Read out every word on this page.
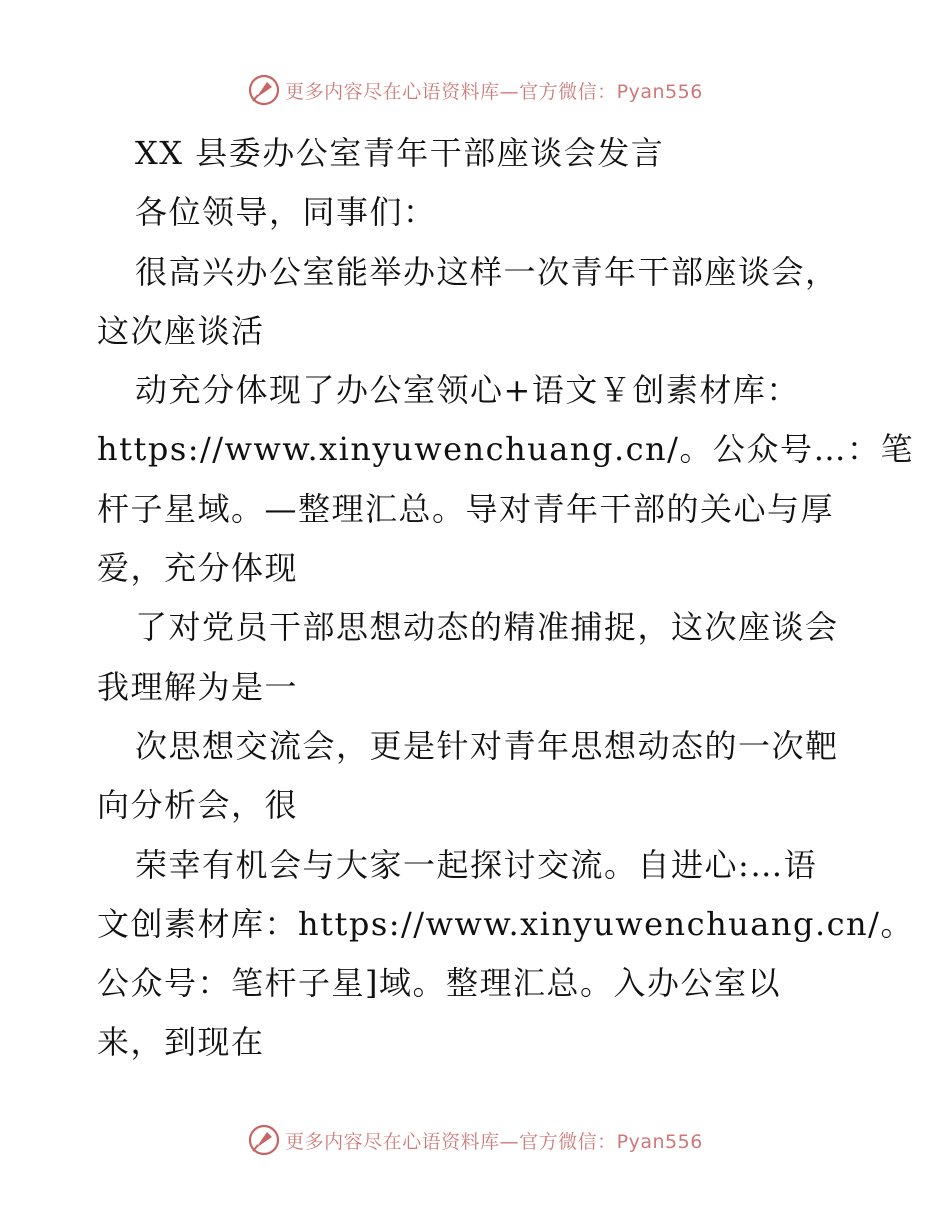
更多内容尽在心语资料库—官方微信：Pyan556
XX 县委办公室青年干部座谈会发言
各位领导，同事们：
很高兴办公室能举办这样一次青年干部座谈会，
这次座谈活
动充分体现了办公室领心+语文￥创素材库：
https://www.xinyuwenchuang.cn/。公众号…：笔
杆子星域。—整理汇总。导对青年干部的关心与厚
爱，充分体现
了对党员干部思想动态的精准捕捉，这次座谈会
我理解为是一
次思想交流会，更是针对青年思想动态的一次靶
向分析会，很
荣幸有机会与大家一起探讨交流。自进心:…语
文创素材库：https://www.xinyuwenchuang.cn/。
公众号：笔杆子星]域。整理汇总。入办公室以
来，到现在
更多内容尽在心语资料库—官方微信：Pyan556
